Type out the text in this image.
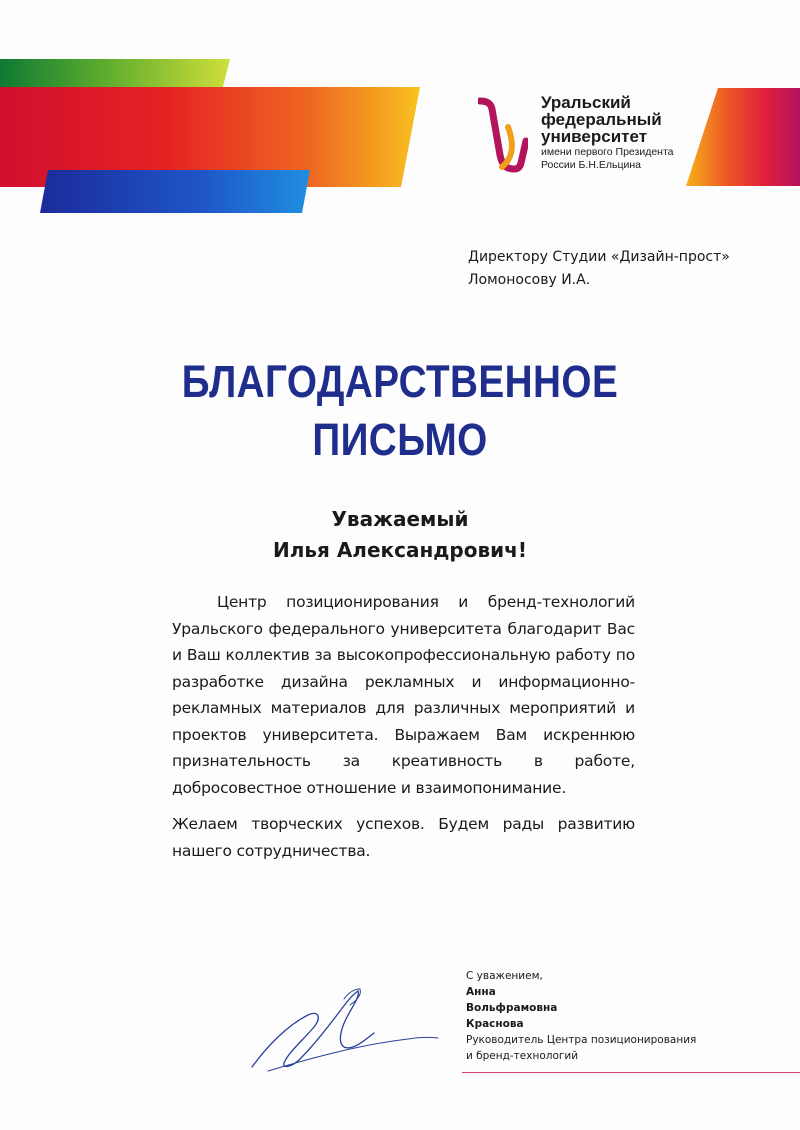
Уральский
федеральный
университет
имени первого Президента
России Б.Н.Ельцина
Директору Студии «Дизайн-прост»
Ломоносову И.А.
БЛАГОДАРСТВЕННОЕ
ПИСЬМО
Уважаемый
Илья Александрович!

Центр позиционирования и бренд-технологий Уральского федерального университета благодарит Вас и Ваш коллектив за высокопрофессиональную работу по разработке дизайна рекламных и информационно-рекламных материалов для различных мероприятий и проектов университета. Выражаем Вам искреннюю признательность за креативность в работе, добросовестное отношение и взаимопонимание.

Желаем творческих успехов. Будем рады развитию нашего сотрудничества.

С уважением,
Анна
Вольфрамовна
Краснова
Руководитель Центра позиционирования
и бренд-технологий
